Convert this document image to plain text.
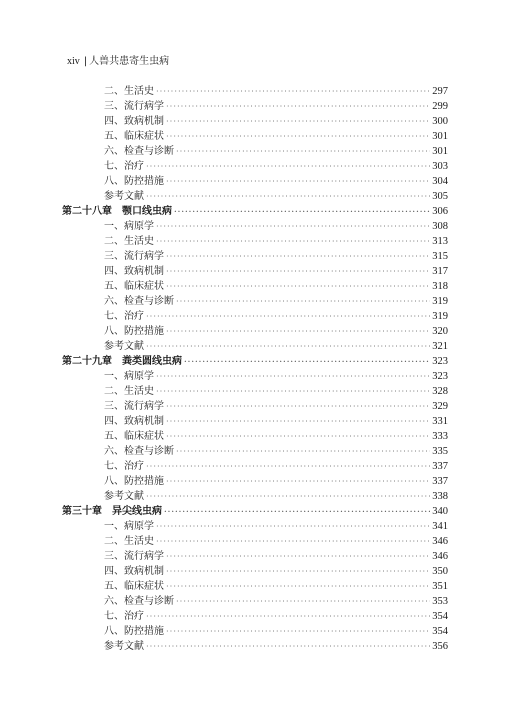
xiv | 人兽共患寄生虫病
二、生活史 ·····	297
三、流行病学 ·····	299
四、致病机制 ·····	300
五、临床症状 ·····	301
六、检查与诊断 ·····	301
七、治疗 ·····	303
八、防控措施 ·····	304
参考文献 ·····	305
第二十八章 颚口线虫病 ·····	306
一、病原学 ·····	308
二、生活史 ·····	313
三、流行病学 ·····	315
四、致病机制 ·····	317
五、临床症状 ·····	318
六、检查与诊断 ·····	319
七、治疗 ·····	319
八、防控措施 ·····	320
参考文献 ·····	321
第二十九章 粪类圆线虫病 ·····	323
一、病原学 ·····	323
二、生活史 ·····	328
三、流行病学 ·····	329
四、致病机制 ·····	331
五、临床症状 ·····	333
六、检查与诊断 ·····	335
七、治疗 ·····	337
八、防控措施 ·····	337
参考文献 ·····	338
第三十章 异尖线虫病 ·····	340
一、病原学 ·····	341
二、生活史 ·····	346
三、流行病学 ·····	346
四、致病机制 ·····	350
五、临床症状 ·····	351
六、检查与诊断 ·····	353
七、治疗 ·····	354
八、防控措施 ·····	354
参考文献 ·····	356
